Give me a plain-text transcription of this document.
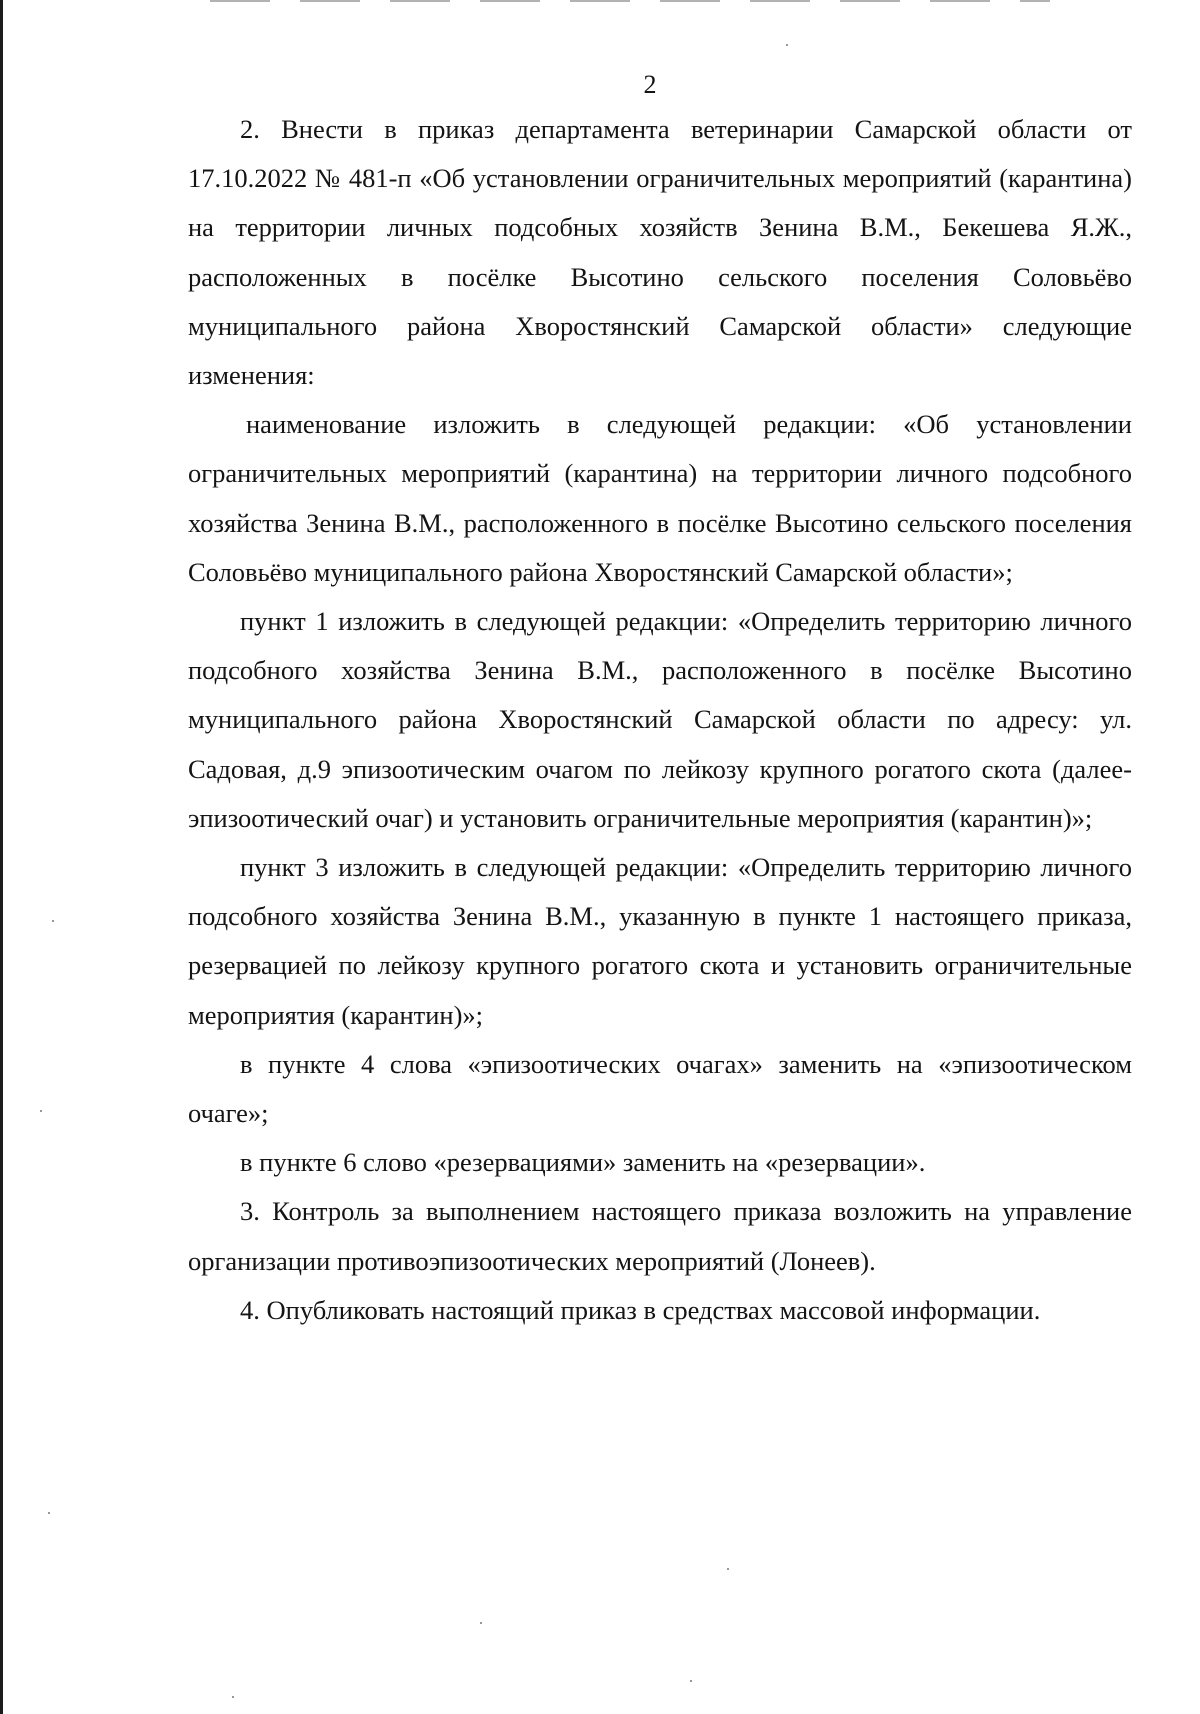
2

2. Внести в приказ департамента ветеринарии Самарской области от 17.10.2022 № 481-п «Об установлении ограничительных мероприятий (карантина) на территории личных подсобных хозяйств Зенина В.М., Бекешева Я.Ж., расположенных в посёлке Высотино сельского поселения Соловьёво муниципального района Хворостянский Самарской области» следующие изменения:

наименование изложить в следующей редакции: «Об установлении ограничительных мероприятий (карантина) на территории личного подсобного хозяйства Зенина В.М., расположенного в посёлке Высотино сельского поселения Соловьёво муниципального района Хворостянский Самарской области»;

пункт 1 изложить в следующей редакции: «Определить территорию личного подсобного хозяйства Зенина В.М., расположенного в посёлке Высотино муниципального района Хворостянский Самарской области по адресу: ул. Садовая, д.9 эпизоотическим очагом по лейкозу крупного рогатого скота (далее-эпизоотический очаг) и установить ограничительные мероприятия (карантин)»;

пункт 3 изложить в следующей редакции: «Определить территорию личного подсобного хозяйства Зенина В.М., указанную в пункте 1 настоящего приказа, резервацией по лейкозу крупного рогатого скота и установить ограничительные мероприятия (карантин)»;

в пункте 4 слова «эпизоотических очагах» заменить на «эпизоотическом очаге»;

в пункте 6 слово «резервациями» заменить на «резервации».

3. Контроль за выполнением настоящего приказа возложить на управление организации противоэпизоотических мероприятий (Лонеев).

4. Опубликовать настоящий приказ в средствах массовой информации.
